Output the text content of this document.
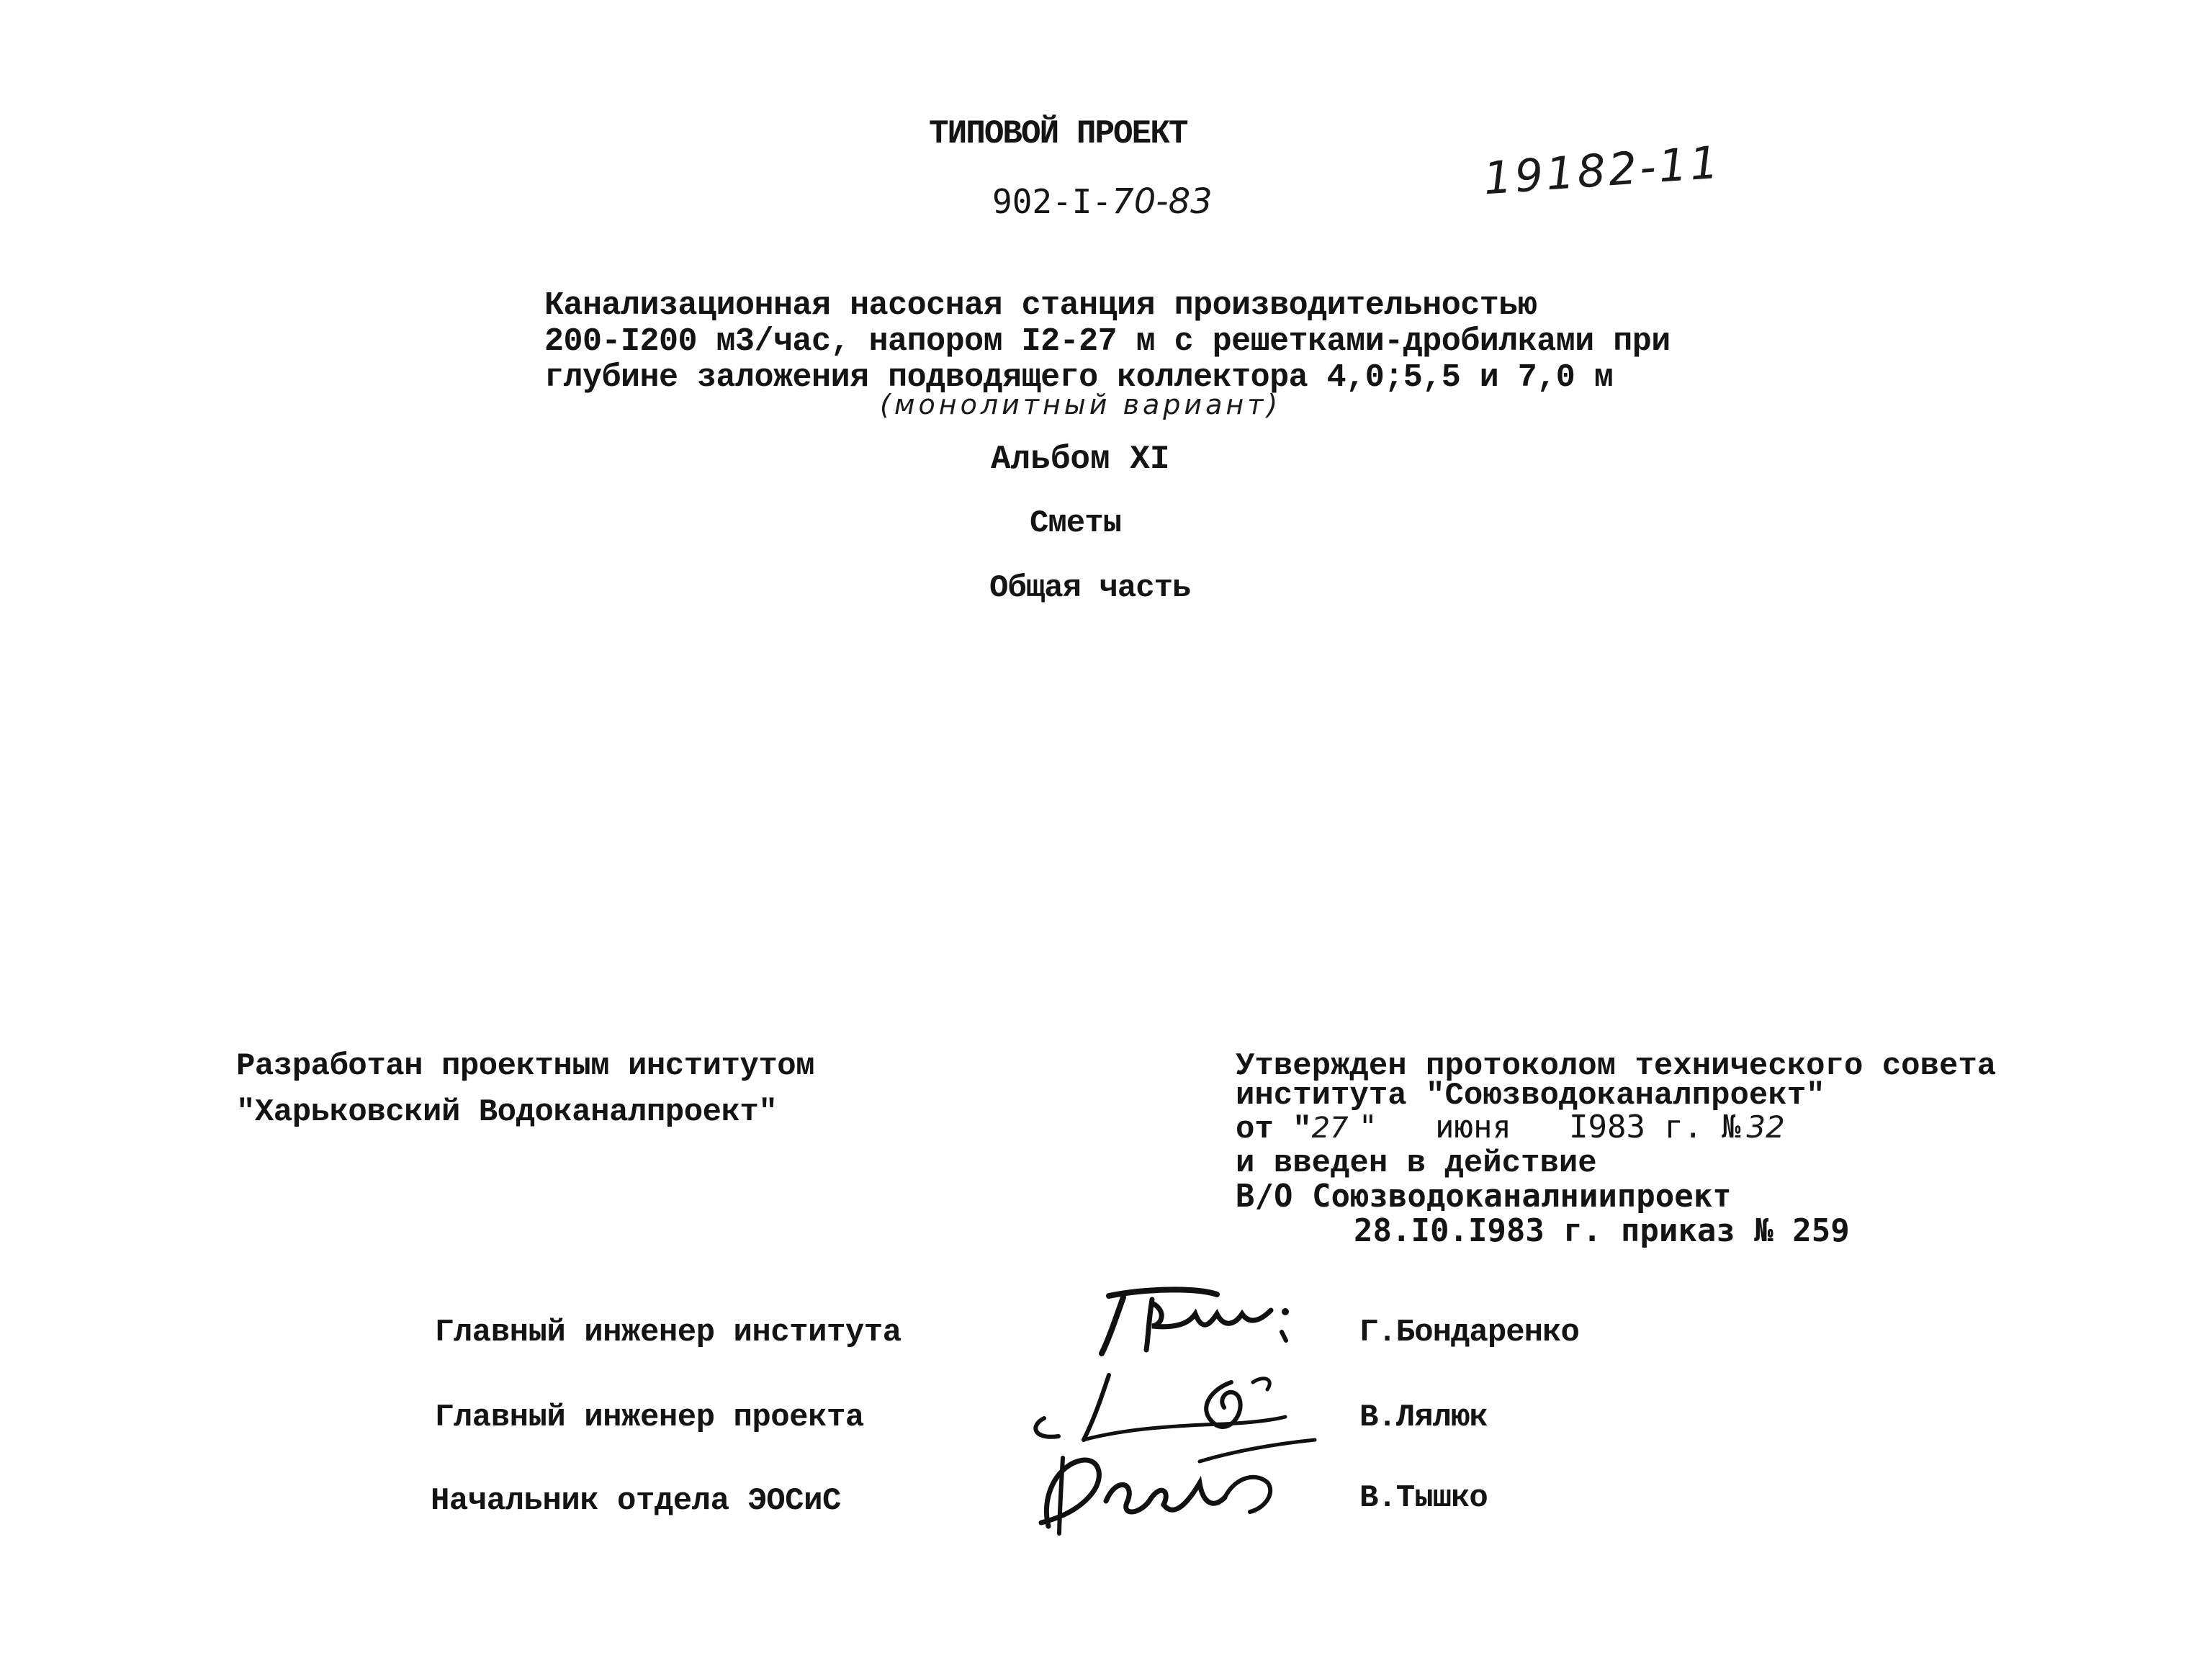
ТИПОВОЙ ПРОЕКТ
902-I-70-83	19182-11
Канализационная насосная станция производительностью
200-I200 м3/час, напором I2-27 м с решетками-дробилками при
глубине заложения подводящего коллектора 4,0;5,5 и 7,0 м
(монолитный вариант)
Альбом XI
Сметы
Общая часть
Разработан проектным институтом
"Харьковский Водоканалпроект"
Утвержден протоколом технического совета
института "Союзводоканалпроект"
от "27 " июня I983 г. № 32
и введен в действие
В/О Союзводоканалниипроект
28.I0.I983 г. приказ № 259
Главный инженер института
Главный инженер проекта
Начальник отдела ЭОСиС
Г.Бондаренко
В.Лялюк
В.Тышко
